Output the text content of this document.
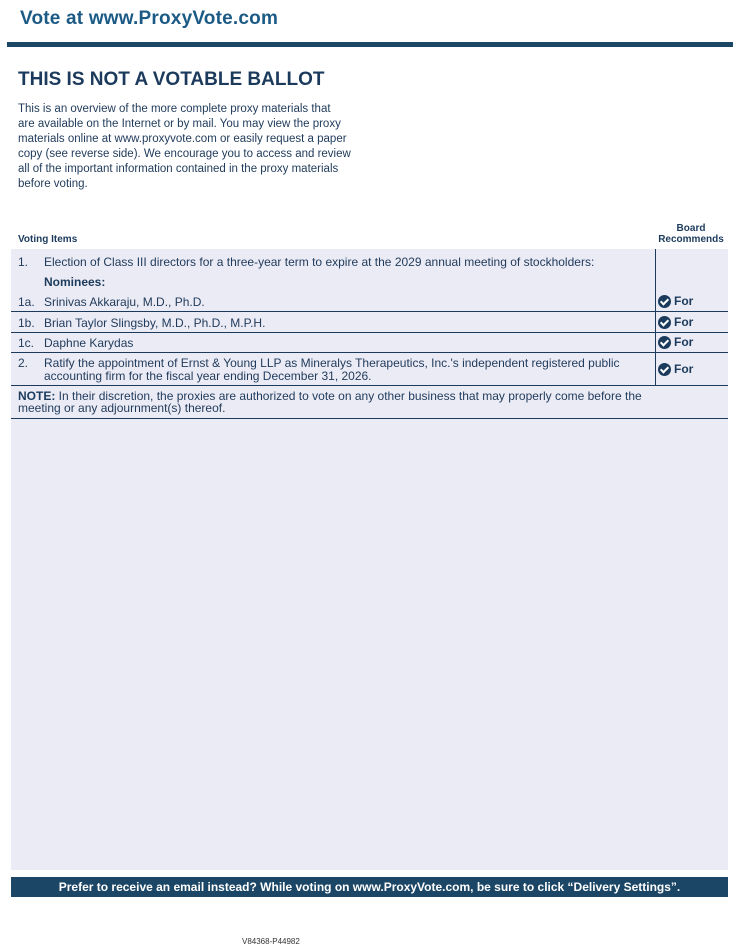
Vote at www.ProxyVote.com
THIS IS NOT A VOTABLE BALLOT
This is an overview of the more complete proxy materials that
are available on the Internet or by mail. You may view the proxy
materials online at www.proxyvote.com or easily request a paper
copy (see reverse side). We encourage you to access and review
all of the important information contained in the proxy materials
before voting.
Voting Items
Board
Recommends
1. Election of Class III directors for a three-year term to expire at the 2029 annual meeting of stockholders:
Nominees:
1a. Srinivas Akkaraju, M.D., Ph.D.	For
1b. Brian Taylor Slingsby, M.D., Ph.D., M.P.H.	For
1c. Daphne Karydas	For
2. Ratify the appointment of Ernst & Young LLP as Mineralys Therapeutics, Inc.'s independent registered public accounting firm for the fiscal year ending December 31, 2026.	For
NOTE: In their discretion, the proxies are authorized to vote on any other business that may properly come before the meeting or any adjournment(s) thereof.
Prefer to receive an email instead? While voting on www.ProxyVote.com, be sure to click “Delivery Settings”.
V84368-P44982
